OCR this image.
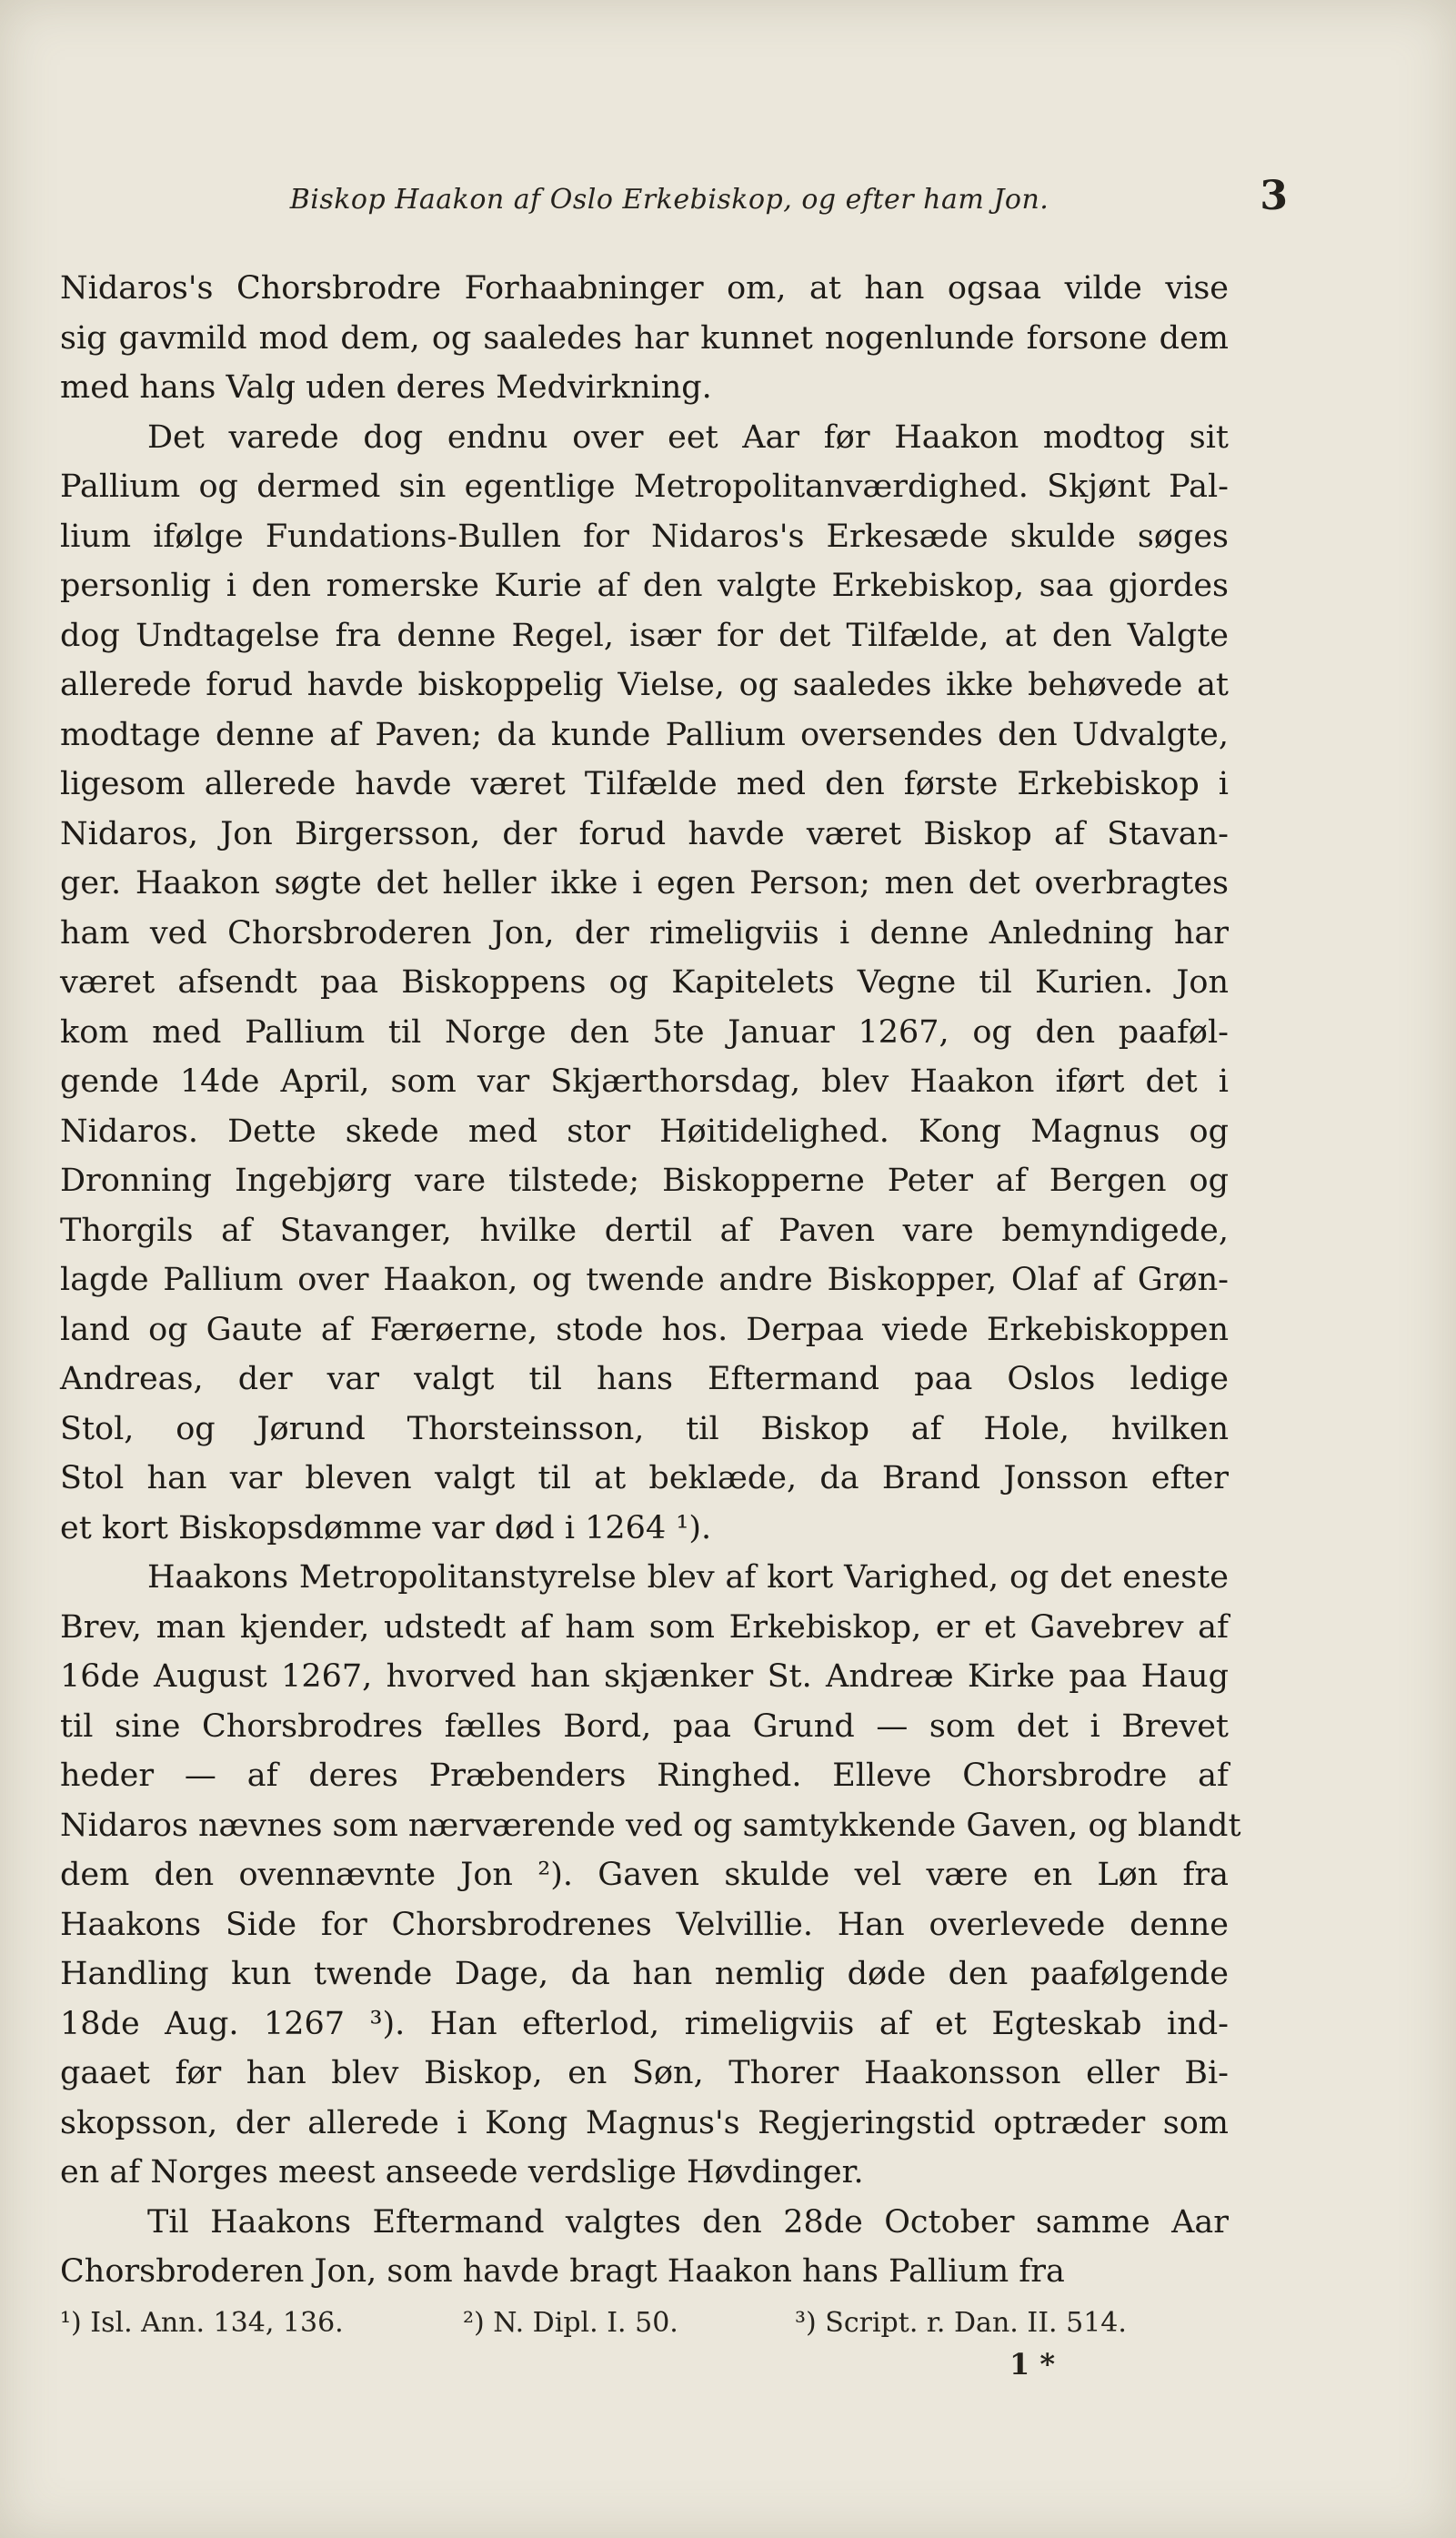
Biskop Haakon af Oslo Erkebiskop, og efter ham Jon.	3
Nidaros's Chorsbrodre Forhaabninger om, at han ogsaa vilde vise
sig gavmild mod dem, og saaledes har kunnet nogenlunde forsone dem
med hans Valg uden deres Medvirkning.
Det varede dog endnu over eet Aar før Haakon modtog sit
Pallium og dermed sin egentlige Metropolitanværdighed. Skjønt Pal-
lium ifølge Fundations-Bullen for Nidaros's Erkesæde skulde søges
personlig i den romerske Kurie af den valgte Erkebiskop, saa gjordes
dog Undtagelse fra denne Regel, især for det Tilfælde, at den Valgte
allerede forud havde biskoppelig Vielse, og saaledes ikke behøvede at
modtage denne af Paven; da kunde Pallium oversendes den Udvalgte,
ligesom allerede havde været Tilfælde med den første Erkebiskop i
Nidaros, Jon Birgersson, der forud havde været Biskop af Stavan-
ger. Haakon søgte det heller ikke i egen Person; men det overbragtes
ham ved Chorsbroderen Jon, der rimeligviis i denne Anledning har
været afsendt paa Biskoppens og Kapitelets Vegne til Kurien. Jon
kom med Pallium til Norge den 5te Januar 1267, og den paaføl-
gende 14de April, som var Skjærthorsdag, blev Haakon iført det i
Nidaros. Dette skede med stor Høitidelighed. Kong Magnus og
Dronning Ingebjørg vare tilstede; Biskopperne Peter af Bergen og
Thorgils af Stavanger, hvilke dertil af Paven vare bemyndigede,
lagde Pallium over Haakon, og twende andre Biskopper, Olaf af Grøn-
land og Gaute af Færøerne, stode hos. Derpaa viede Erkebiskoppen
Andreas, der var valgt til hans Eftermand paa Oslos ledige
Stol, og Jørund Thorsteinsson, til Biskop af Hole, hvilken
Stol han var bleven valgt til at beklæde, da Brand Jonsson efter
et kort Biskopsdømme var død i 1264 ¹).
Haakons Metropolitanstyrelse blev af kort Varighed, og det eneste
Brev, man kjender, udstedt af ham som Erkebiskop, er et Gavebrev af
16de August 1267, hvorved han skjænker St. Andreæ Kirke paa Haug
til sine Chorsbrodres fælles Bord, paa Grund — som det i Brevet
heder — af deres Præbenders Ringhed. Elleve Chorsbrodre af
Nidaros nævnes som nærværende ved og samtykkende Gaven, og blandt
dem den ovennævnte Jon ²). Gaven skulde vel være en Løn fra
Haakons Side for Chorsbrodrenes Velvillie. Han overlevede denne
Handling kun twende Dage, da han nemlig døde den paafølgende
18de Aug. 1267 ³). Han efterlod, rimeligviis af et Egteskab ind-
gaaet før han blev Biskop, en Søn, Thorer Haakonsson eller Bi-
skopsson, der allerede i Kong Magnus's Regjeringstid optræder som
en af Norges meest anseede verdslige Høvdinger.
Til Haakons Eftermand valgtes den 28de October samme Aar
Chorsbroderen Jon, som havde bragt Haakon hans Pallium fra
¹) Isl. Ann. 134, 136.	²) N. Dipl. I. 50.	³) Script. r. Dan. II. 514.
1 *
